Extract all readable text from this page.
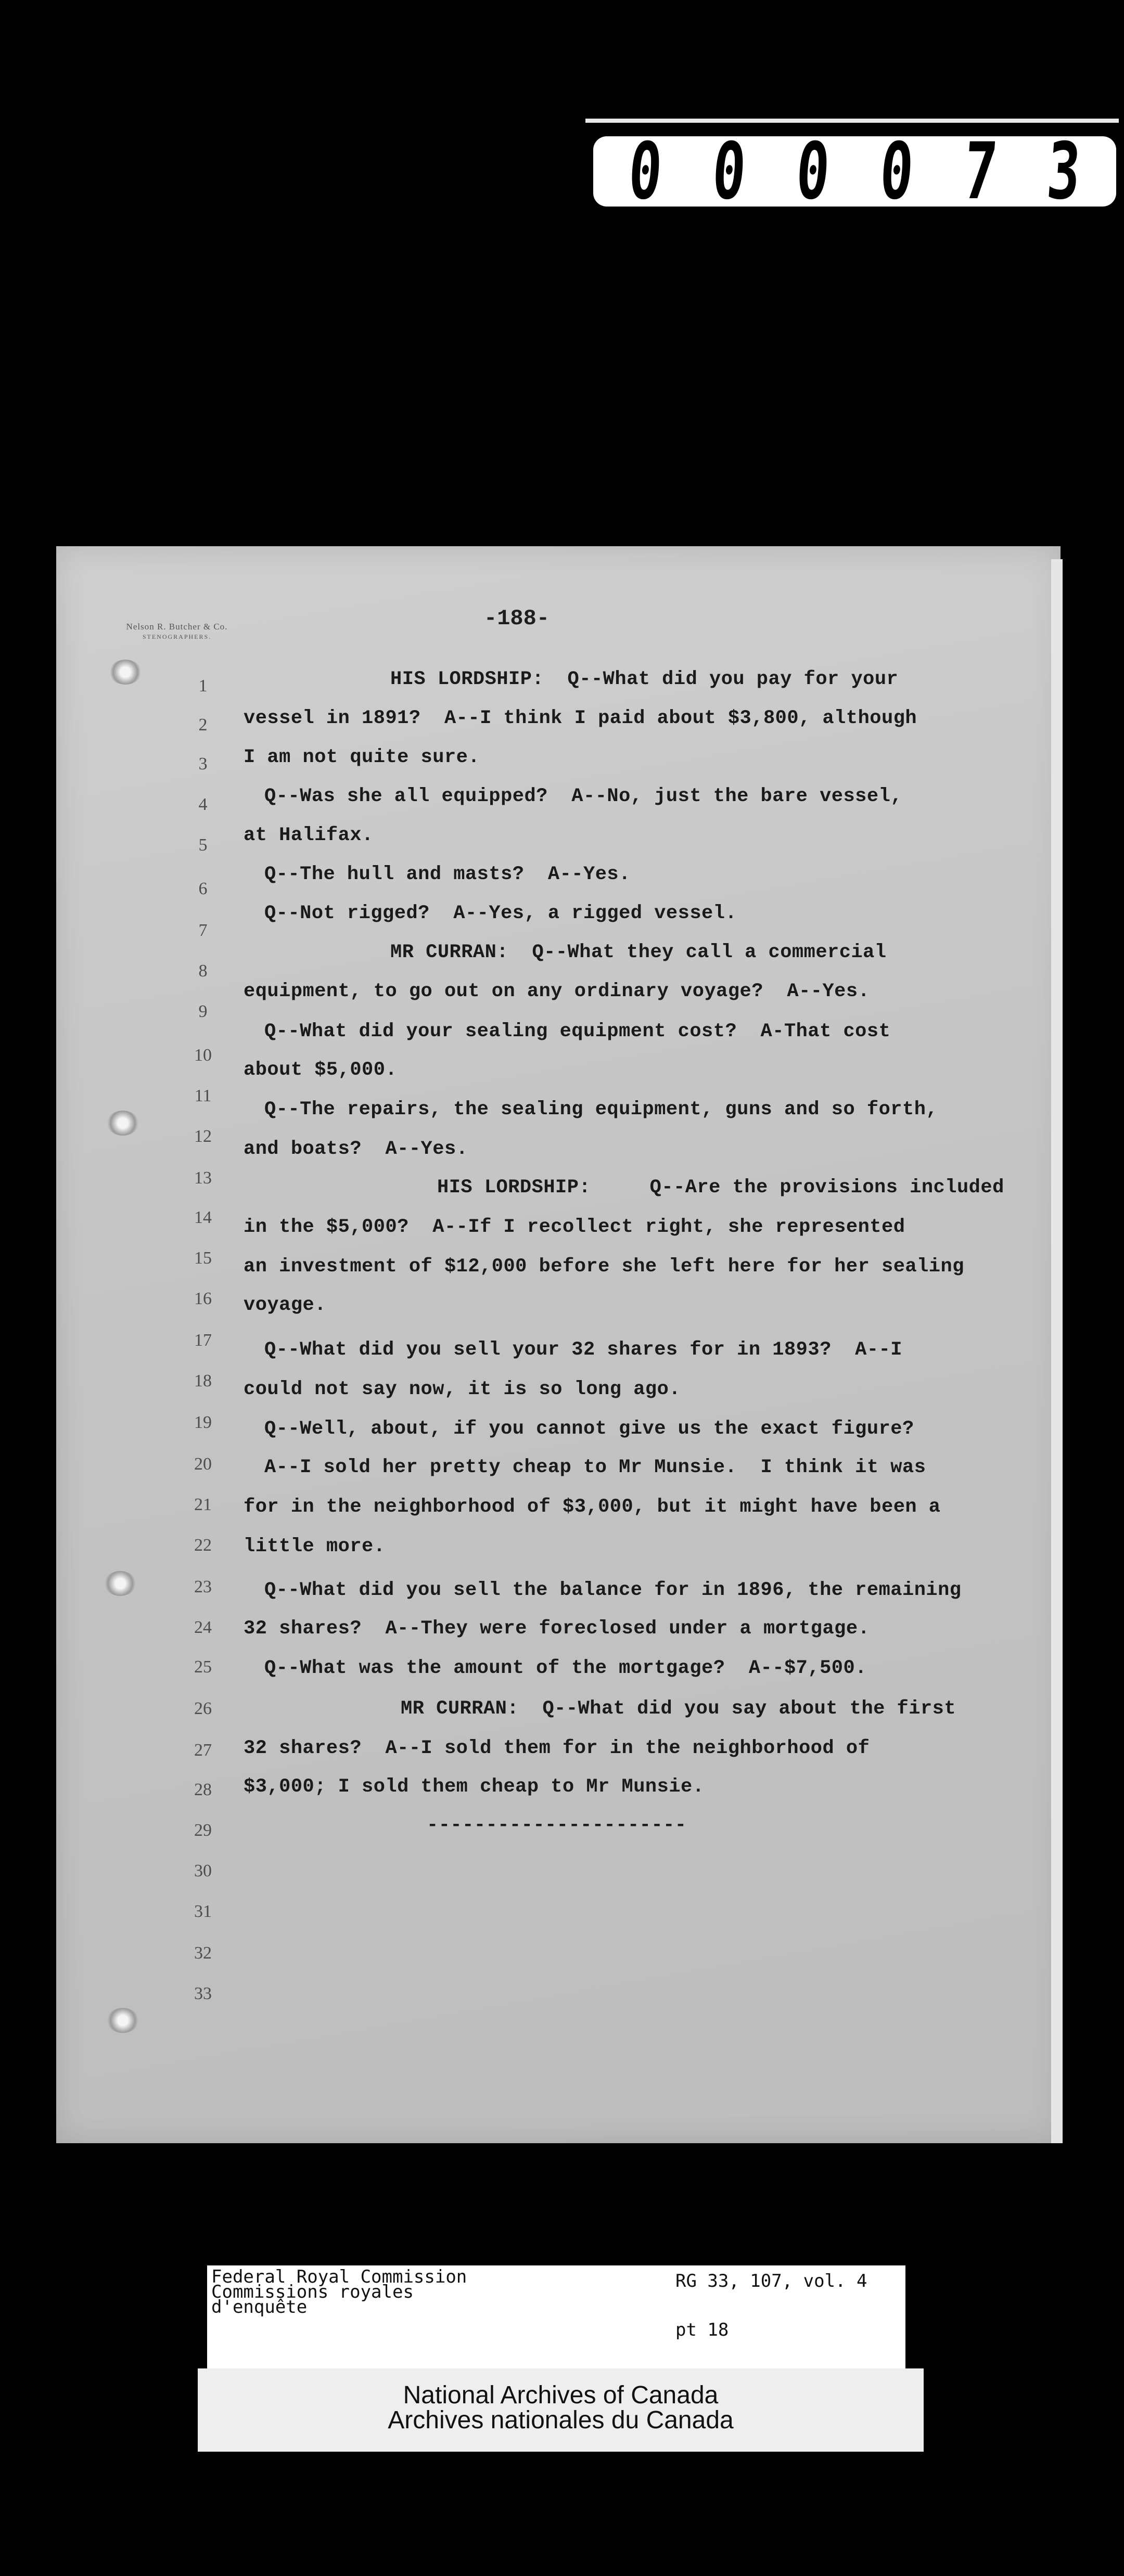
0 0 0 0 7 3
Nelson R. Butcher & Co.
STENOGRAPHERS.
-188-
1
2
3
4
5
6
7
8
9
10
11
12
13
14
15
16
17
18
19
20
21
22
23
24
25
26
27
28
29
30
31
32
33
HIS LORDSHIP:  Q--What did you pay for your
vessel in 1891?  A--I think I paid about $3,800, although
I am not quite sure.
Q--Was she all equipped?  A--No, just the bare vessel,
at Halifax.
Q--The hull and masts?  A--Yes.
Q--Not rigged?  A--Yes, a rigged vessel.
MR CURRAN:  Q--What they call a commercial
equipment, to go out on any ordinary voyage?  A--Yes.
Q--What did your sealing equipment cost?  A-That cost
about $5,000.
Q--The repairs, the sealing equipment, guns and so forth,
and boats?  A--Yes.
HIS LORDSHIP:     Q--Are the provisions included
in the $5,000?  A--If I recollect right, she represented
an investment of $12,000 before she left here for her sealing
voyage.
Q--What did you sell your 32 shares for in 1893?  A--I
could not say now, it is so long ago.
Q--Well, about, if you cannot give us the exact figure?
A--I sold her pretty cheap to Mr Munsie.  I think it was
for in the neighborhood of $3,000, but it might have been a
little more.
Q--What did you sell the balance for in 1896, the remaining
32 shares?  A--They were foreclosed under a mortgage.
Q--What was the amount of the mortgage?  A--$7,500.
MR CURRAN:  Q--What did you say about the first
32 shares?  A--I sold them for in the neighborhood of
$3,000; I sold them cheap to Mr Munsie.
----------------------
Federal Royal Commission
Commissions royales
d'enquête
RG 33, 107, vol. 4
pt 18
National Archives of Canada
Archives nationales du Canada
